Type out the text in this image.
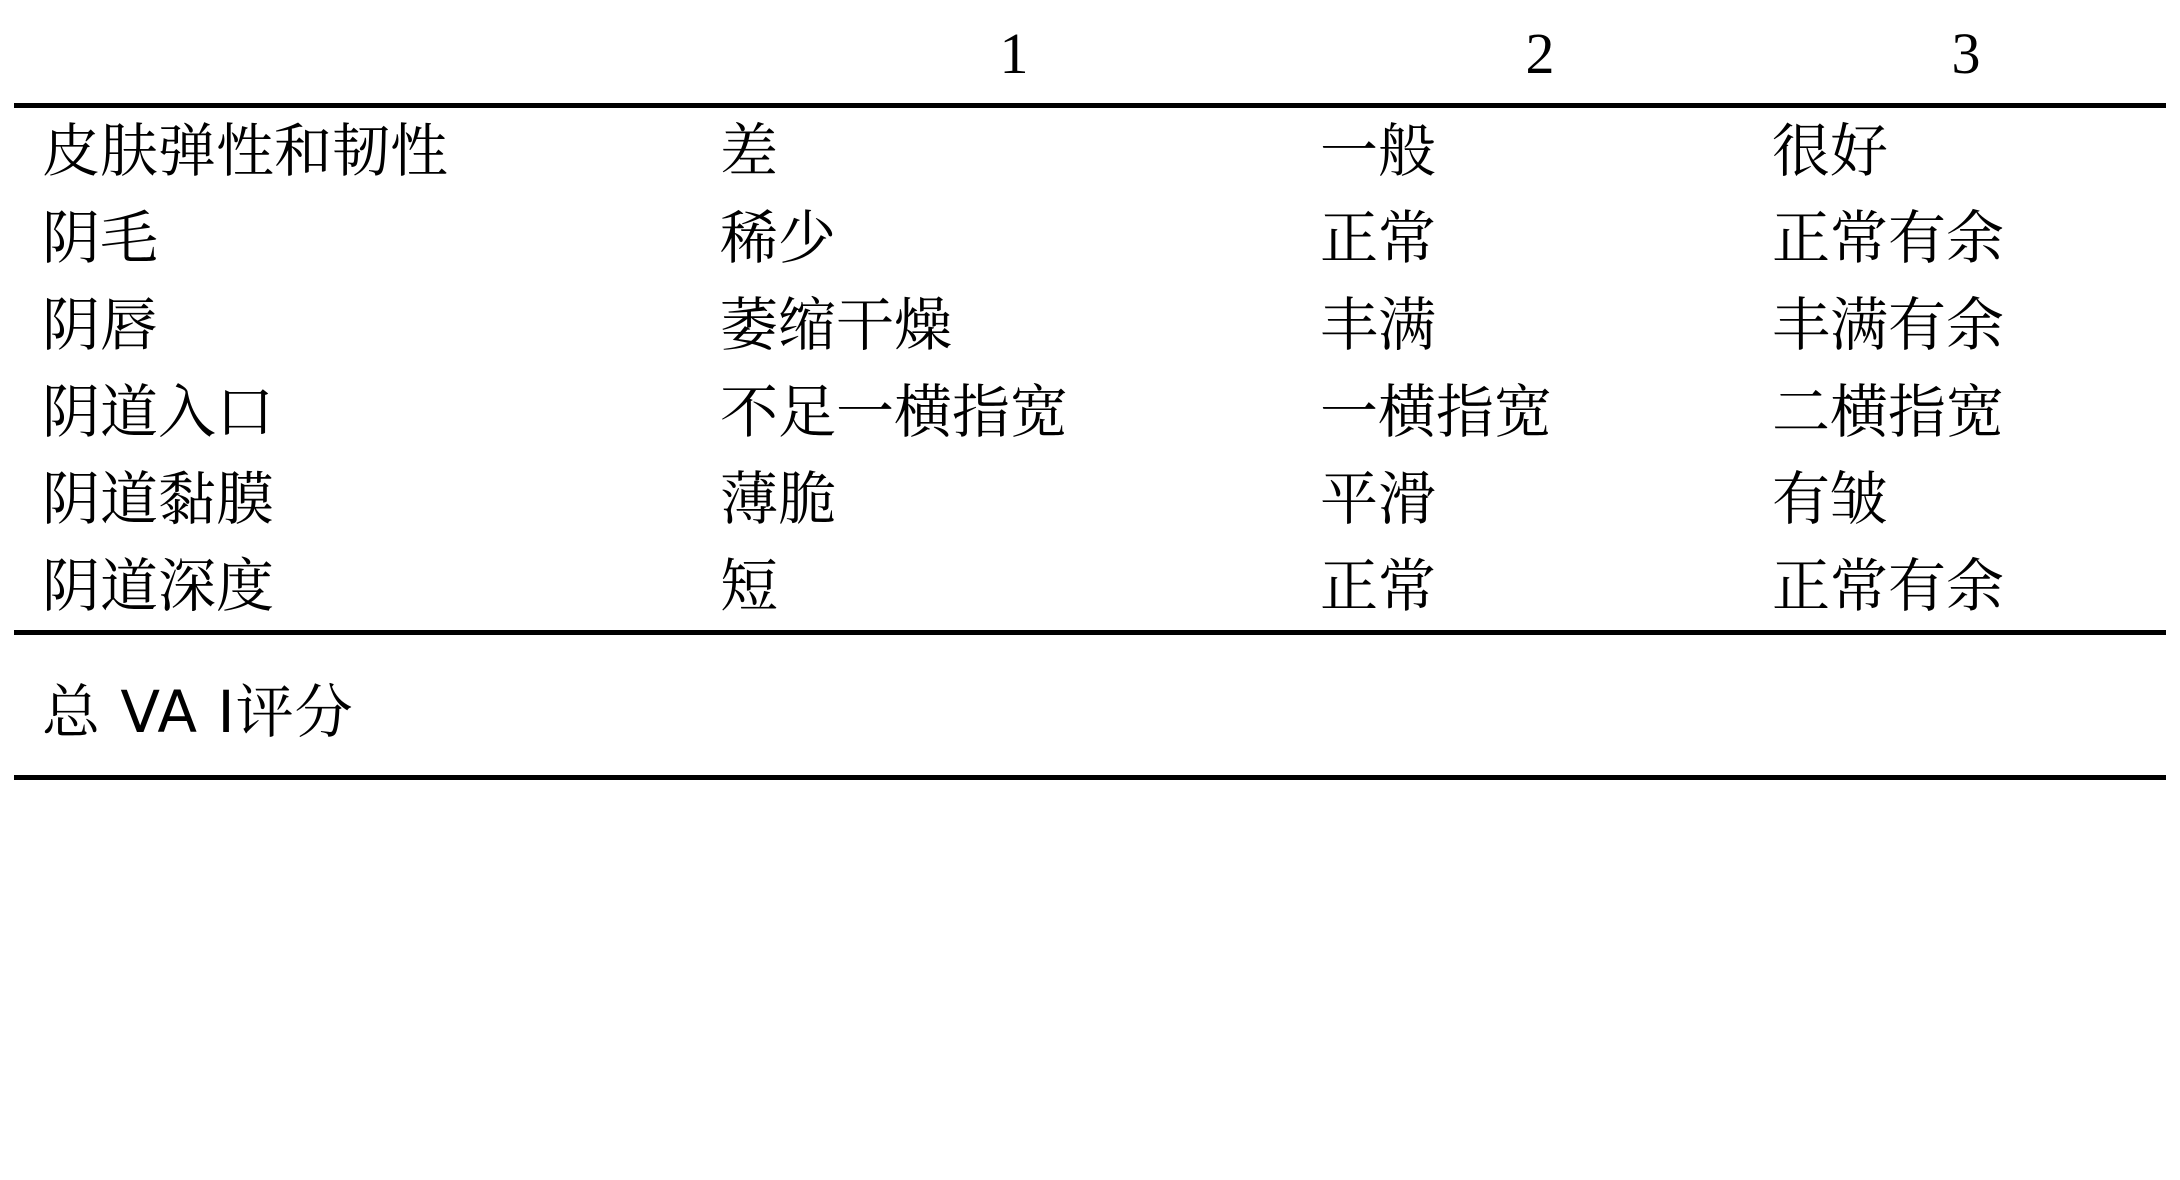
	1	2	3
皮肤弹性和韧性	差	一般	很好
阴毛	稀少	正常	正常有余
阴唇	萎缩干燥	丰满	丰满有余
阴道入口	不足一横指宽	一横指宽	二横指宽
阴道黏膜	薄脆	平滑	有皱
阴道深度	短	正常	正常有余
总 VA I评分
